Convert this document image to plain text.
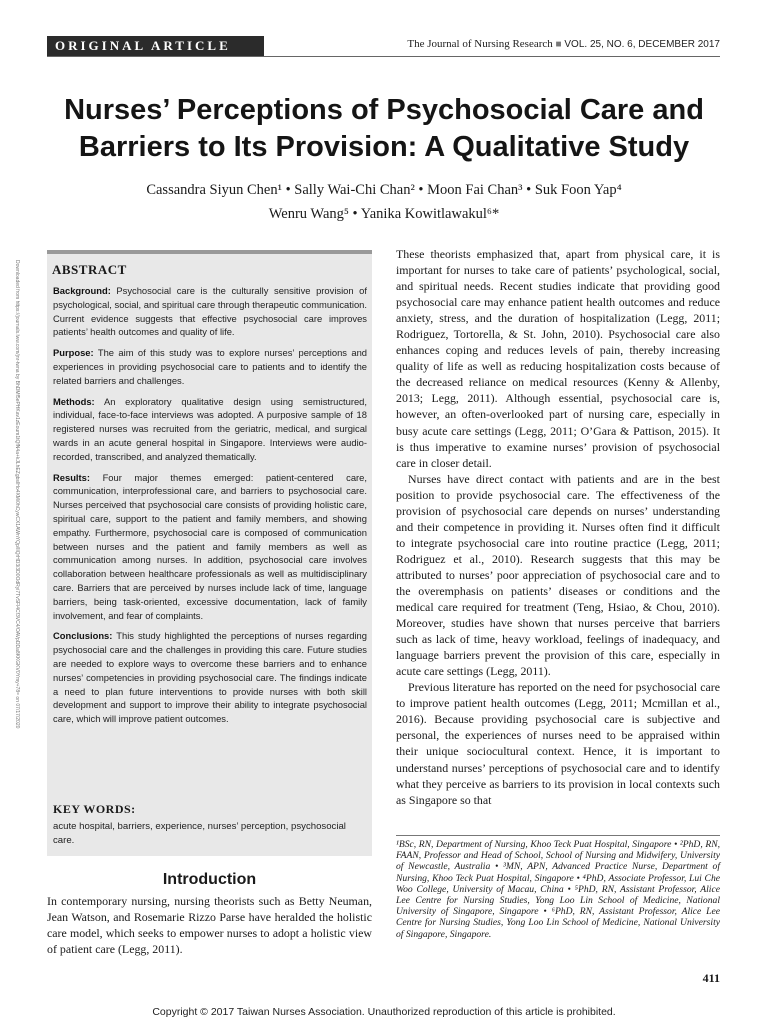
ORIGINAL ARTICLE	The Journal of Nursing Research ■ VOL. 25, NO. 6, DECEMBER 2017
Nurses’ Perceptions of Psychosocial Care and Barriers to Its Provision: A Qualitative Study
Cassandra Siyun Chen¹ • Sally Wai-Chi Chan² • Moon Fai Chan³ • Suk Foon Yap⁴
Wenru Wang⁵ • Yanika Kowitlawakul⁶*
Downloaded from https://journals.lww.com/jnr-twna by BhDMf5ePHKav1zEoum1tQfN4a+kJLhEZgbsIHo4XMi0hCywCX1AWnYQp/IlQrHD3i3D0OdRyi7TvSFl4Cf3VC4/OAVpDDa8KKGKV0Ymy+78= on 07/17/2020 ABSTRACT

Background: Psychosocial care is the culturally sensitive provision of psychological, social, and spiritual care through therapeutic communication. Current evidence suggests that effective psychosocial care improves patients’ health outcomes and quality of life.

Purpose: The aim of this study was to explore nurses’ perceptions and experiences in providing psychosocial care to patients and to identify the related barriers and challenges.

Methods: An exploratory qualitative design using semistructured, individual, face-to-face interviews was adopted. A purposive sample of 18 registered nurses was recruited from the geriatric, medical, and surgical wards in an acute general hospital in Singapore. Interviews were audio-recorded, transcribed, and analyzed thematically.

Results: Four major themes emerged: patient-centered care, communication, interprofessional care, and barriers to psychosocial care. Nurses perceived that psychosocial care consists of providing holistic care, spiritual care, support to the patient and family members, and showing empathy. Furthermore, psychosocial care is composed of communication between nurses and the patient and family members as well as communication among nurses. In addition, psychosocial care involves collaboration between healthcare professionals as well as multidisciplinary care. Barriers that are perceived by nurses include lack of time, language barriers, being task-oriented, excessive documentation, lack of family involvement, and fear of complaints.

Conclusions: This study highlighted the perceptions of nurses regarding psychosocial care and the challenges in providing this care. Future studies are needed to explore ways to overcome these barriers and to enhance nurses’ competencies in providing psychosocial care. The findings indicate a need to plan future interventions to provide nurses with both skill development and support to improve their ability to integrate psychosocial care, which will improve patient outcomes.

KEY WORDS:
acute hospital, barriers, experience, nurses’ perception, psychosocial care.
Introduction
In contemporary nursing, nursing theorists such as Betty Neuman, Jean Watson, and Rosemarie Rizzo Parse have heralded the holistic care model, which seeks to empower nurses to adopt a holistic view of patient care (Legg, 2011).

These theorists emphasized that, apart from physical care, it is important for nurses to take care of patients’ psychological, social, and spiritual needs. Recent studies indicate that providing good psychosocial care may enhance patient health outcomes and reduce anxiety, stress, and the duration of hospitalization (Legg, 2011; Rodriguez, Tortorella, & St. John, 2010). Psychosocial care also enhances coping and reduces levels of pain, thereby increasing quality of life as well as reducing hospitalization costs because of the decreased reliance on medical resources (Kenny & Allenby, 2013; Legg, 2011). Although essential, psychosocial care is, however, an often-overlooked part of nursing care, especially in busy acute care settings (Legg, 2011; O’Gara & Pattison, 2015). It is thus imperative to examine nurses’ provision of psychosocial care in closer detail.

Nurses have direct contact with patients and are in the best position to provide psychosocial care. The effectiveness of the provision of psychosocial care depends on nurses’ understanding and their competence in providing it. Nurses often find it difficult to integrate psychosocial care into routine practice (Legg, 2011; Rodriguez et al., 2010). Research suggests that this may be attributed to nurses’ poor appreciation of psychosocial care and to the overemphasis on patients’ diseases or conditions and the medical care required for treatment (Teng, Hsiao, & Chou, 2010). Moreover, studies have shown that nurses perceive that barriers such as lack of time, heavy workload, feelings of inadequacy, and language barriers prevent the provision of this care, especially in acute care settings (Legg, 2011).

Previous literature has reported on the need for psychosocial care to improve patient health outcomes (Legg, 2011; Mcmillan et al., 2016). Because providing psychosocial care is subjective and personal, the experiences of nurses need to be appraised within their unique sociocultural context. Hence, it is important to understand nurses’ perceptions of psychosocial care and to identify what they perceive as barriers to its provision in local contexts such as Singapore so that

¹BSc, RN, Department of Nursing, Khoo Teck Puat Hospital, Singapore • ²PhD, RN, FAAN, Professor and Head of School, School of Nursing and Midwifery, University of Newcastle, Australia • ³MN, APN, Advanced Practice Nurse, Department of Nursing, Khoo Teck Puat Hospital, Singapore • ⁴PhD, Associate Professor, Lui Che Woo College, University of Macau, China • ⁵PhD, RN, Assistant Professor, Alice Lee Centre for Nursing Studies, Yong Loo Lin School of Medicine, National University of Singapore, Singapore • ⁶PhD, RN, Assistant Professor, Alice Lee Centre for Nursing Studies, Yong Loo Lin School of Medicine, National University of Singapore, Singapore.
411
Copyright © 2017 Taiwan Nurses Association. Unauthorized reproduction of this article is prohibited.
